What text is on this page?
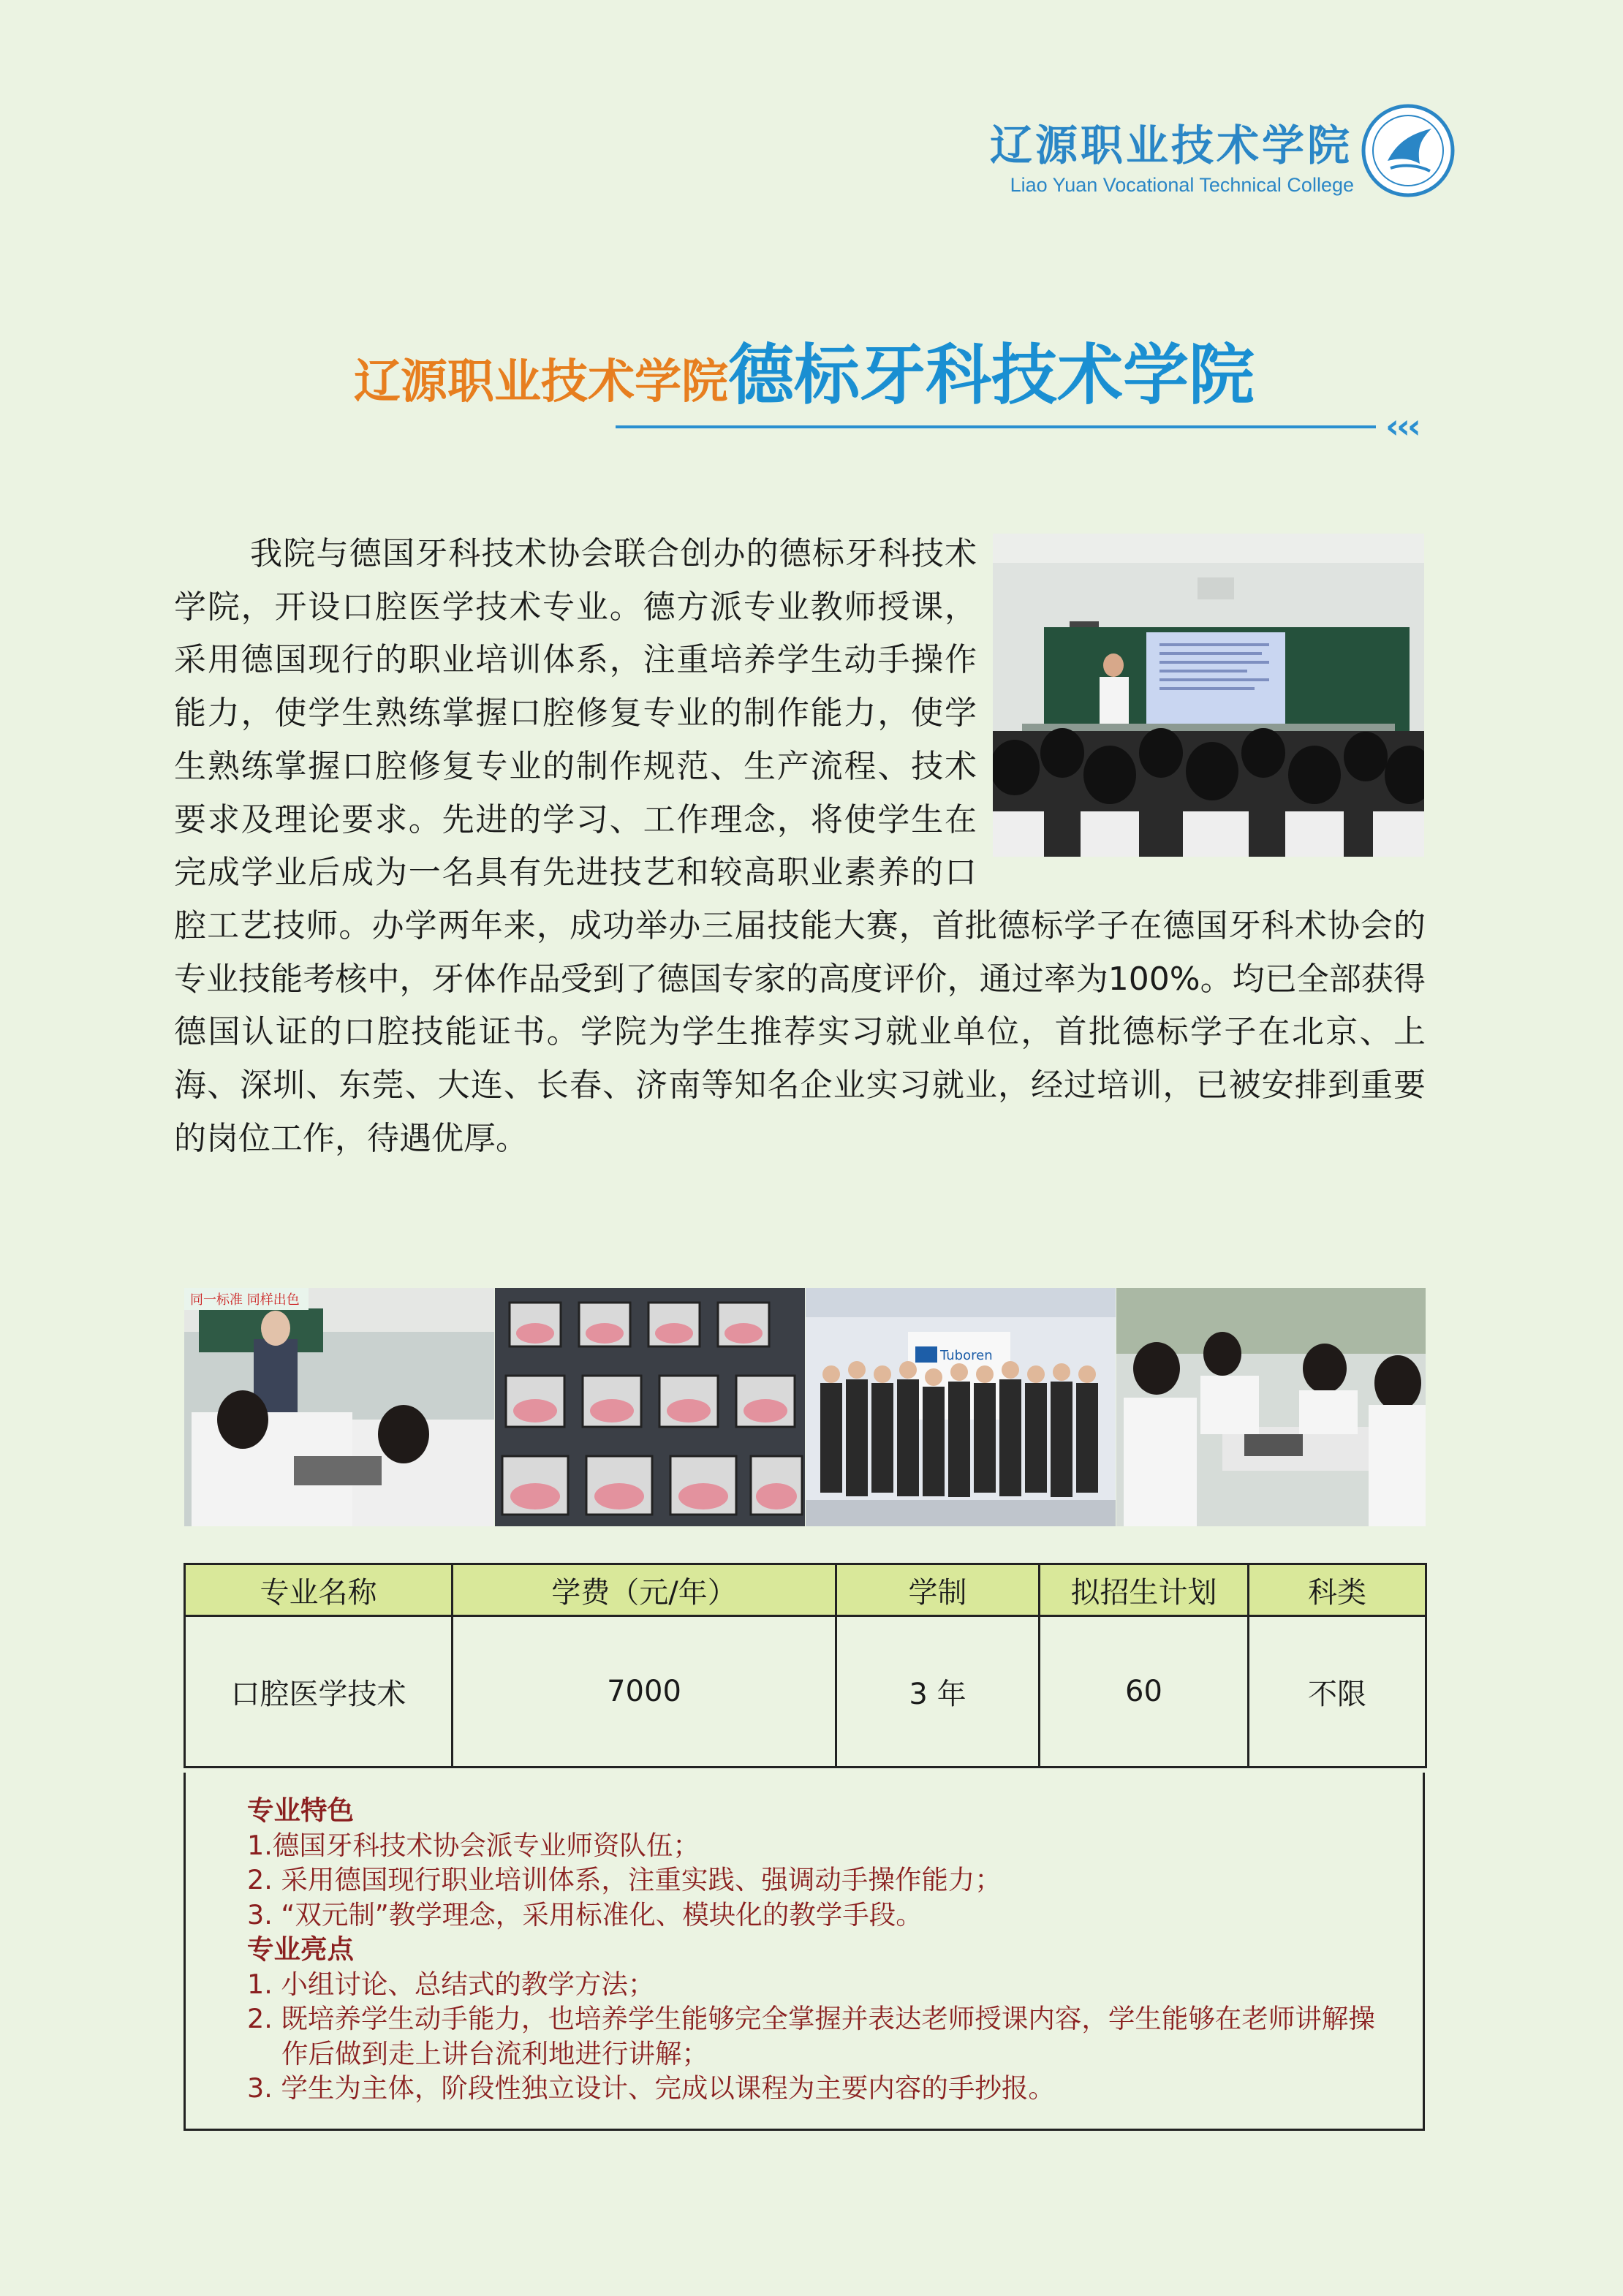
辽源职业技术学院
Liao Yuan Vocational Technical College
辽源职业技术学院德标牙科技术学院
‹‹‹

我院与德国牙科技术协会联合创办的德标牙科技术学院，开设口腔医学技术专业。德方派专业教师授课，采用德国现行的职业培训体系，注重培养学生动手操作能力，使学生熟练掌握口腔修复专业的制作能力，使学生熟练掌握口腔修复专业的制作规范、生产流程、技术要求及理论要求。先进的学习、工作理念，将使学生在完成学业后成为一名具有先进技艺和较高职业素养的口腔工艺技师。办学两年来，成功举办三届技能大赛，首批德标学子在德国牙科术协会的专业技能考核中，牙体作品受到了德国专家的高度评价，通过率为100%。均已全部获得德国认证的口腔技能证书。学院为学生推荐实习就业单位，首批德标学子在北京、上海、深圳、东莞、大连、长春、济南等知名企业实习就业，经过培训，已被安排到重要的岗位工作，待遇优厚。

同一标准 同样出色
Tuboren
专业名称	学费（元/年）	学制	拟招生计划	科类
口腔医学技术	7000	3 年	60	不限
专业特色
1.德国牙科技术协会派专业师资队伍；
2. 采用德国现行职业培训体系，注重实践、强调动手操作能力；
3. “双元制”教学理念，采用标准化、模块化的教学手段。
专业亮点
1. 小组讨论、总结式的教学方法；
2. 既培养学生动手能力，也培养学生能够完全掌握并表达老师授课内容，学生能够在老师讲解操作后做到走上讲台流利地进行讲解；
3. 学生为主体，阶段性独立设计、完成以课程为主要内容的手抄报。
